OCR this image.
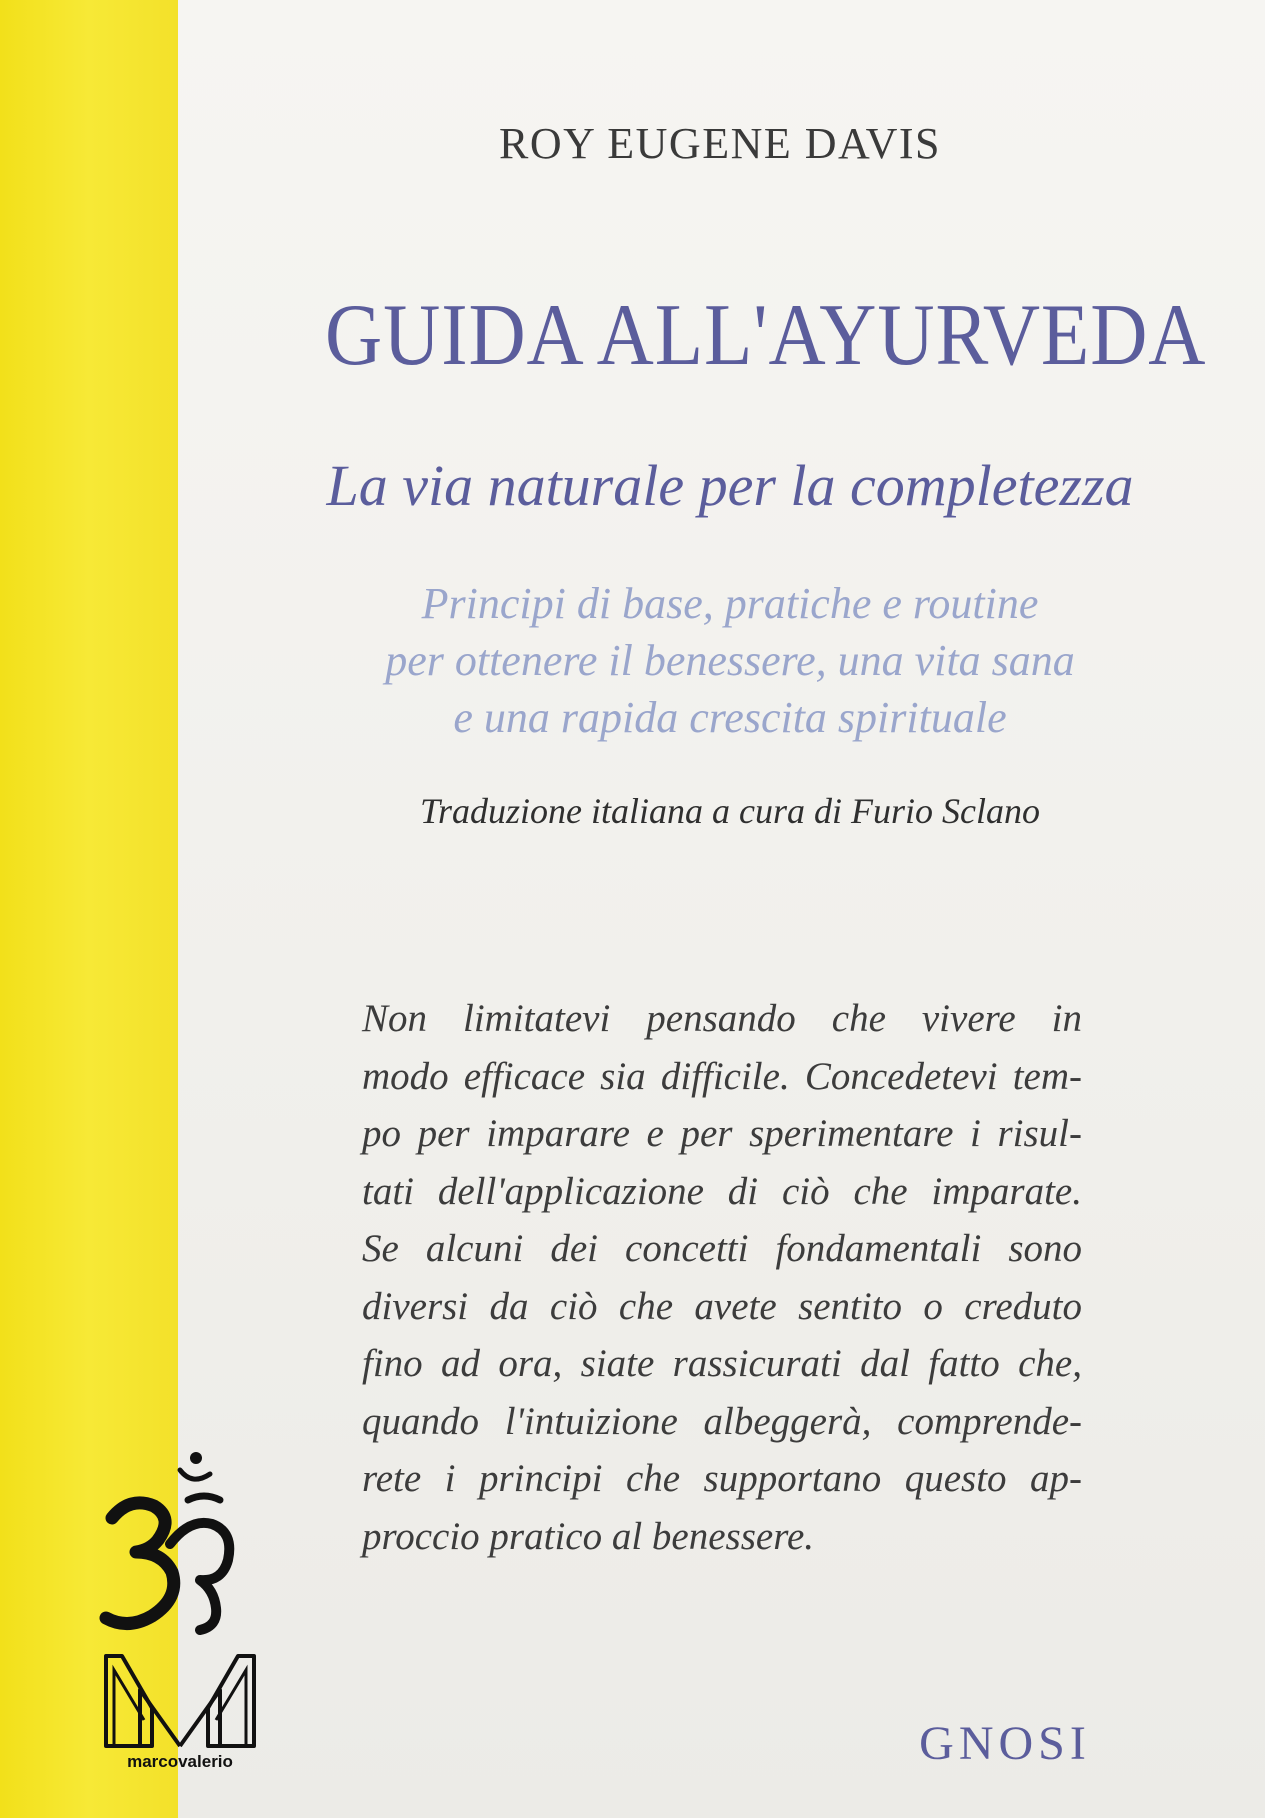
ROY EUGENE DAVIS
GUIDA ALL'AYURVEDA
La via naturale per la completezza
Principi di base, pratiche e routine
per ottenere il benessere, una vita sana
e una rapida crescita spirituale
Traduzione italiana a cura di Furio Sclano
Non limitatevi pensando che vivere in
modo efficace sia difficile. Concedetevi tem-
po per imparare e per sperimentare i risul-
tati dell'applicazione di ciò che imparate.
Se alcuni dei concetti fondamentali sono
diversi da ciò che avete sentito o creduto
fino ad ora, siate rassicurati dal fatto che,
quando l'intuizione albeggerà, comprende-
rete i principi che supportano questo ap-
proccio pratico al benessere.
marcovalerio	GNOSI
